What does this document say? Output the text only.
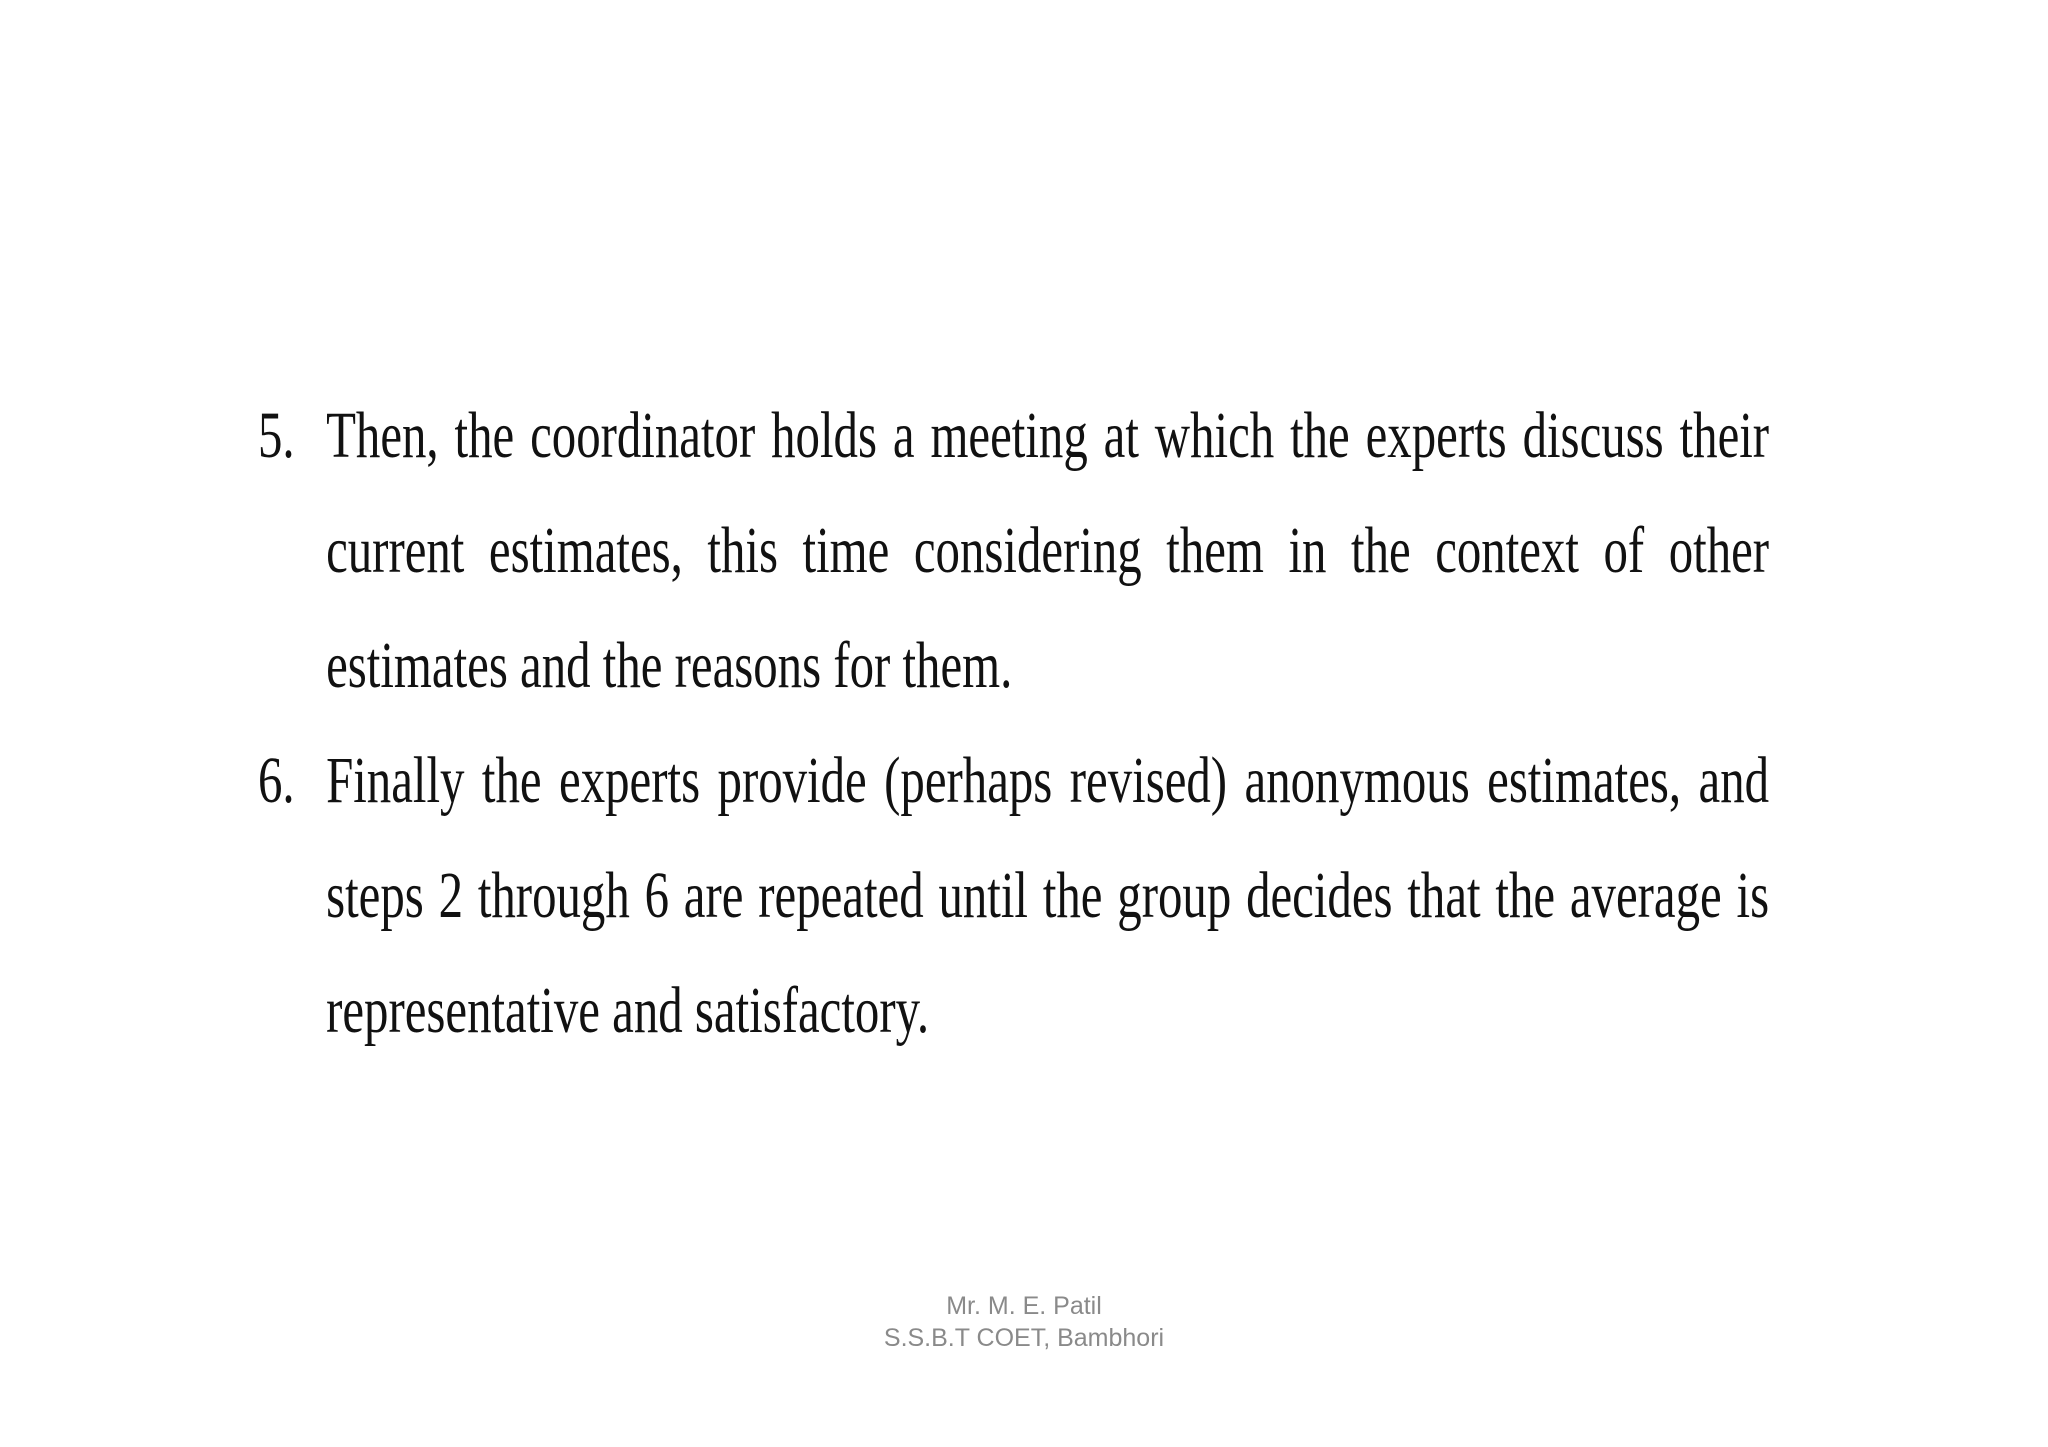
5. Then, the coordinator holds a meeting at which the experts discuss their current estimates, this time considering them in the context of other estimates and the reasons for them.
6. Finally the experts provide (perhaps revised) anonymous estimates, and steps 2 through 6 are repeated until the group decides that the average is representative and satisfactory.
Mr. M. E. Patil
S.S.B.T COET, Bambhori
